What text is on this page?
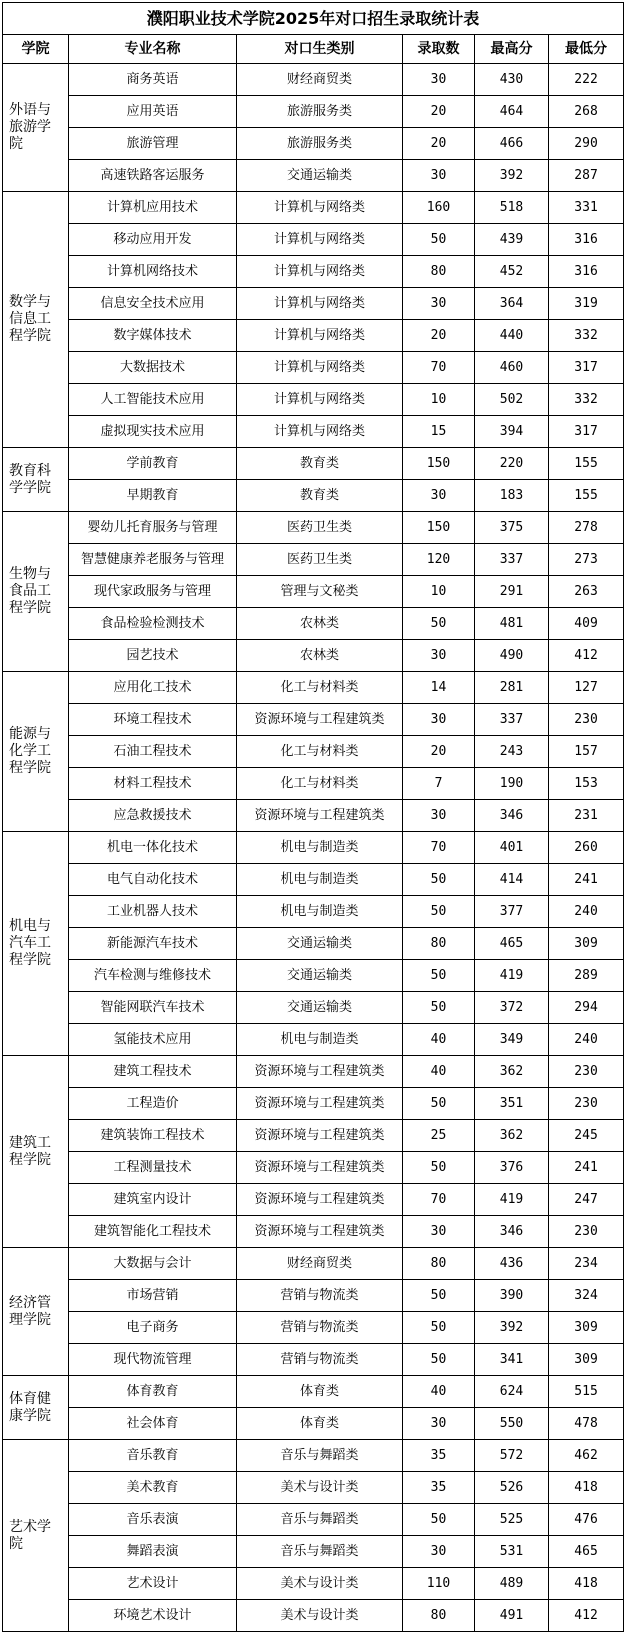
濮阳职业技术学院2025年对口招生录取统计表					
学院	专业名称	对口生类别	录取数	最高分	最低分
外语与旅游学院	商务英语	财经商贸类	30	430	222
	应用英语	旅游服务类	20	464	268
	旅游管理	旅游服务类	20	466	290
	高速铁路客运服务	交通运输类	30	392	287
数学与信息工程学院	计算机应用技术	计算机与网络类	160	518	331
	移动应用开发	计算机与网络类	50	439	316
	计算机网络技术	计算机与网络类	80	452	316
	信息安全技术应用	计算机与网络类	30	364	319
	数字媒体技术	计算机与网络类	20	440	332
	大数据技术	计算机与网络类	70	460	317
	人工智能技术应用	计算机与网络类	10	502	332
	虚拟现实技术应用	计算机与网络类	15	394	317
教育科学学院	学前教育	教育类	150	220	155
	早期教育	教育类	30	183	155
生物与食品工程学院	婴幼儿托育服务与管理	医药卫生类	150	375	278
	智慧健康养老服务与管理	医药卫生类	120	337	273
	现代家政服务与管理	管理与文秘类	10	291	263
	食品检验检测技术	农林类	50	481	409
	园艺技术	农林类	30	490	412
能源与化学工程学院	应用化工技术	化工与材料类	14	281	127
	环境工程技术	资源环境与工程建筑类	30	337	230
	石油工程技术	化工与材料类	20	243	157
	材料工程技术	化工与材料类	7	190	153
	应急救援技术	资源环境与工程建筑类	30	346	231
机电与汽车工程学院	机电一体化技术	机电与制造类	70	401	260
	电气自动化技术	机电与制造类	50	414	241
	工业机器人技术	机电与制造类	50	377	240
	新能源汽车技术	交通运输类	80	465	309
	汽车检测与维修技术	交通运输类	50	419	289
	智能网联汽车技术	交通运输类	50	372	294
	氢能技术应用	机电与制造类	40	349	240
建筑工程学院	建筑工程技术	资源环境与工程建筑类	40	362	230
	工程造价	资源环境与工程建筑类	50	351	230
	建筑装饰工程技术	资源环境与工程建筑类	25	362	245
	工程测量技术	资源环境与工程建筑类	50	376	241
	建筑室内设计	资源环境与工程建筑类	70	419	247
	建筑智能化工程技术	资源环境与工程建筑类	30	346	230
经济管理学院	大数据与会计	财经商贸类	80	436	234
	市场营销	营销与物流类	50	390	324
	电子商务	营销与物流类	50	392	309
	现代物流管理	营销与物流类	50	341	309
体育健康学院	体育教育	体育类	40	624	515
	社会体育	体育类	30	550	478
艺术学院	音乐教育	音乐与舞蹈类	35	572	462
	美术教育	美术与设计类	35	526	418
	音乐表演	音乐与舞蹈类	50	525	476
	舞蹈表演	音乐与舞蹈类	30	531	465
	艺术设计	美术与设计类	110	489	418
	环境艺术设计	美术与设计类	80	491	412
